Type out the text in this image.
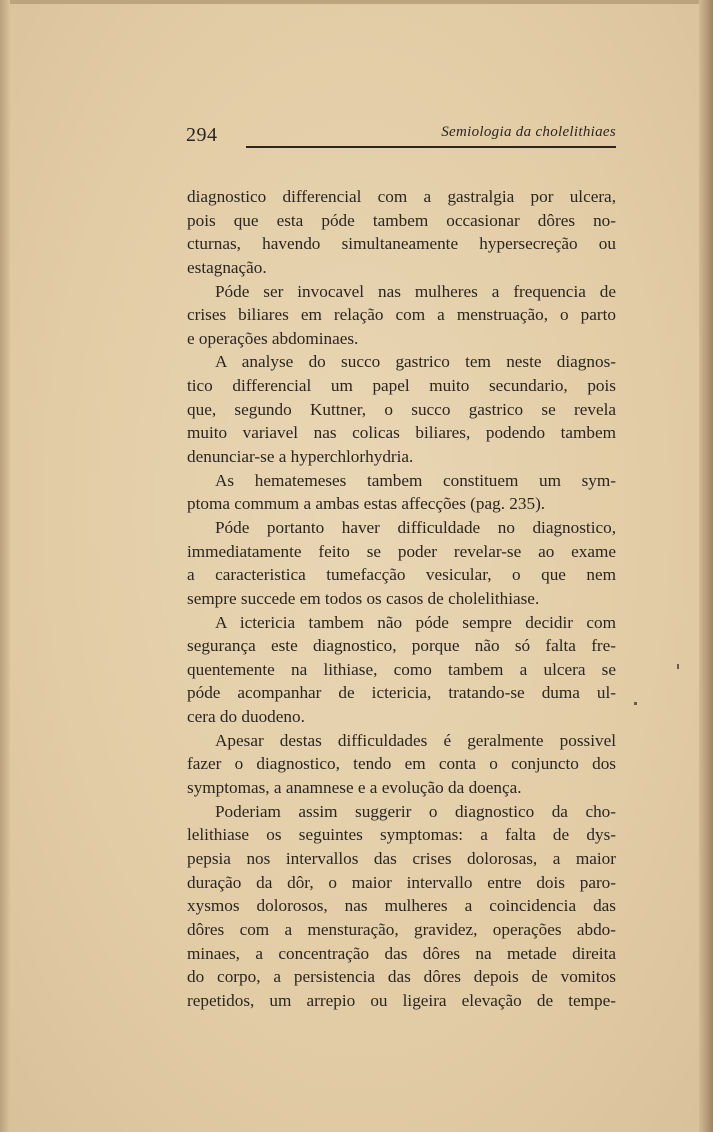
294	Semiologia da cholelithiaes
diagnostico differencial com a gastralgia por ulcera,
pois que esta póde tambem occasionar dôres no-
cturnas, havendo simultaneamente hypersecreção ou
estagnação.
Póde ser invocavel nas mulheres a frequencia de
crises biliares em relação com a menstruação, o parto
e operações abdominaes.
A analyse do succo gastrico tem neste diagnos-
tico differencial um papel muito secundario, pois
que, segundo Kuttner, o succo gastrico se revela
muito variavel nas colicas biliares, podendo tambem
denunciar-se a hyperchlorhydria.
As hematemeses tambem constituem um sym-
ptoma commum a ambas estas affecções (pag. 235).
Póde portanto haver difficuldade no diagnostico,
immediatamente feito se poder revelar-se ao exame
a caracteristica tumefacção vesicular, o que nem
sempre succede em todos os casos de cholelithiase.
A ictericia tambem não póde sempre decidir com
segurança este diagnostico, porque não só falta fre-
quentemente na lithiase, como tambem a ulcera se
póde acompanhar de ictericia, tratando-se duma ul-
cera do duodeno.
Apesar destas difficuldades é geralmente possivel
fazer o diagnostico, tendo em conta o conjuncto dos
symptomas, a anamnese e a evolução da doença.
Poderiam assim suggerir o diagnostico da cho-
lelithiase os seguintes symptomas: a falta de dys-
pepsia nos intervallos das crises dolorosas, a maior
duração da dôr, o maior intervallo entre dois paro-
xysmos dolorosos, nas mulheres a coincidencia das
dôres com a mensturação, gravidez, operações abdo-
minaes, a concentração das dôres na metade direita
do corpo, a persistencia das dôres depois de vomitos
repetidos, um arrepio ou ligeira elevação de tempe-
